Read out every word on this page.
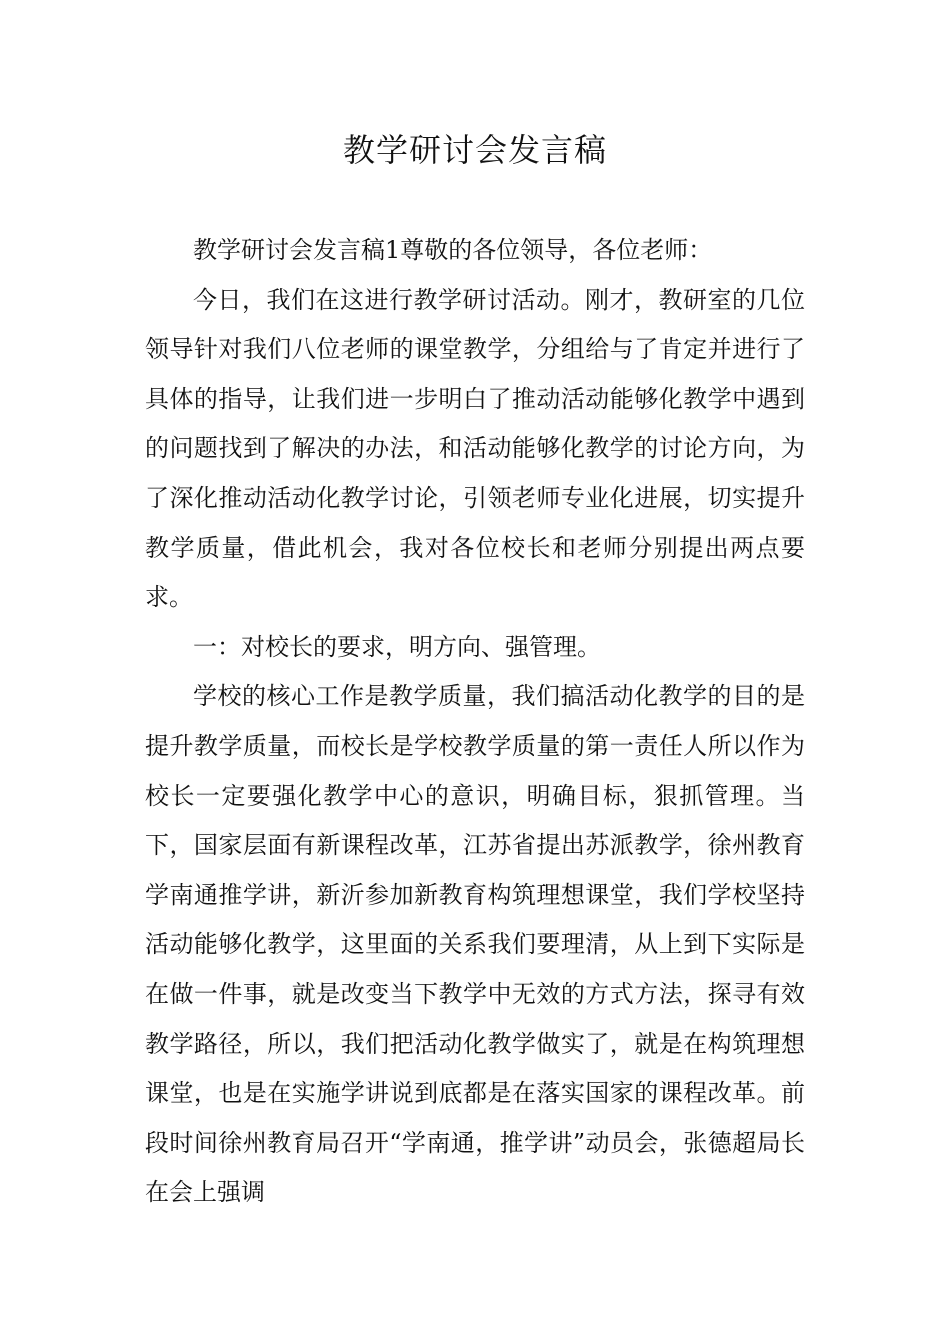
教学研讨会发言稿

教学研讨会发言稿1尊敬的各位领导，各位老师：

今日，我们在这进行教学研讨活动。刚才，教研室的几位领导针对我们八位老师的课堂教学，分组给与了肯定并进行了具体的指导，让我们进一步明白了推动活动能够化教学中遇到的问题找到了解决的办法，和活动能够化教学的讨论方向，为了深化推动活动化教学讨论，引领老师专业化进展，切实提升教学质量，借此机会，我对各位校长和老师分别提出两点要求。

一：对校长的要求，明方向、强管理。

学校的核心工作是教学质量，我们搞活动化教学的目的是提升教学质量，而校长是学校教学质量的第一责任人所以作为校长一定要强化教学中心的意识，明确目标，狠抓管理。当下，国家层面有新课程改革，江苏省提出苏派教学，徐州教育学南通推学讲，新沂参加新教育构筑理想课堂，我们学校坚持活动能够化教学，这里面的关系我们要理清，从上到下实际是在做一件事，就是改变当下教学中无效的方式方法，探寻有效教学路径，所以，我们把活动化教学做实了，就是在构筑理想课堂，也是在实施学讲说到底都是在落实国家的课程改革。前段时间徐州教育局召开“学南通，推学讲”动员会，张德超局长在会上强调
